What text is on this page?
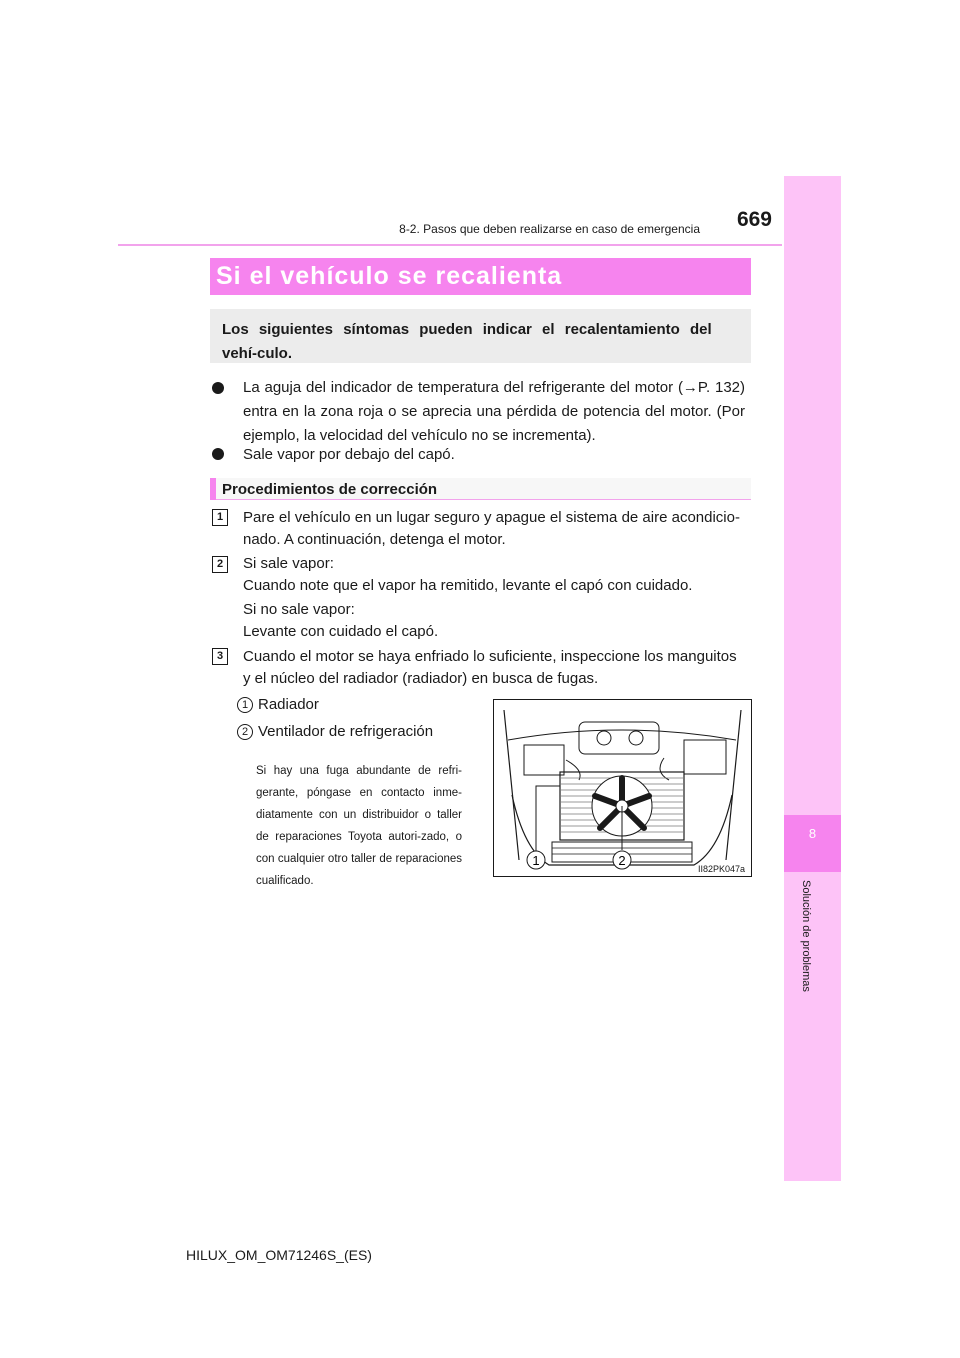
8-2. Pasos que deben realizarse en caso de emergencia	669
8
Solución de problemas
Si el vehículo se recalienta
Los siguientes síntomas pueden indicar el recalentamiento del vehí-culo.
La aguja del indicador de temperatura del refrigerante del motor (→P. 132) entra en la zona roja o se aprecia una pérdida de potencia del motor. (Por ejemplo, la velocidad del vehículo no se incrementa).
Sale vapor por debajo del capó.
Procedimientos de corrección
1	Pare el vehículo en un lugar seguro y apague el sistema de aire acondicio-nado. A continuación, detenga el motor.
2	Si sale vapor:
Cuando note que el vapor ha remitido, levante el capó con cuidado.
Si no sale vapor:
Levante con cuidado el capó.
3	Cuando el motor se haya enfriado lo suficiente, inspeccione los manguitos y el núcleo del radiador (radiador) en busca de fugas.
1 Radiador
2 Ventilador de refrigeración
Si hay una fuga abundante de refri-gerante, póngase en contacto inme-diatamente con un distribuidor o taller de reparaciones Toyota autori-zado, o con cualquier otro taller de reparaciones cualificado.
1	2
II82PK047a
HILUX_OM_OM71246S_(ES)
